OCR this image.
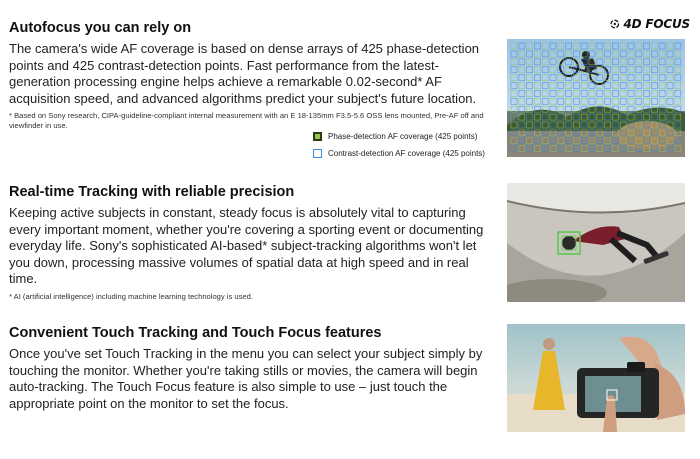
4D FOCUS
Autofocus you can rely on

The camera's wide AF coverage is based on dense arrays of 425 phase-detection points and 425 contrast-detection points. Fast performance from the latest-generation processing engine helps achieve a remarkable 0.02-second* AF acquisition speed, and advanced algorithms predict your subject's future location.

* Based on Sony research, CIPA-guideline-compliant internal measurement with an E 18-135mm F3.5-5.6 OSS lens mounted, Pre-AF off and viewfinder in use.

Phase-detection AF coverage (425 points)
Contrast-detection AF coverage (425 points)
Real-time Tracking with reliable precision

Keeping active subjects in constant, steady focus is absolutely vital to capturing every important moment, whether you're covering a sporting event or documenting everyday life. Sony's sophisticated AI-based* subject-tracking algorithms won't let you down, processing massive volumes of spatial data at high speed and in real time.

* AI (artificial intelligence) including machine learning technology is used.

Convenient Touch Tracking and Touch Focus features

Once you've set Touch Tracking in the menu you can select your subject simply by touching the monitor. Whether you're taking stills or movies, the camera will begin auto-tracking. The Touch Focus feature is also simple to use – just touch the appropriate point on the monitor to set the focus.
